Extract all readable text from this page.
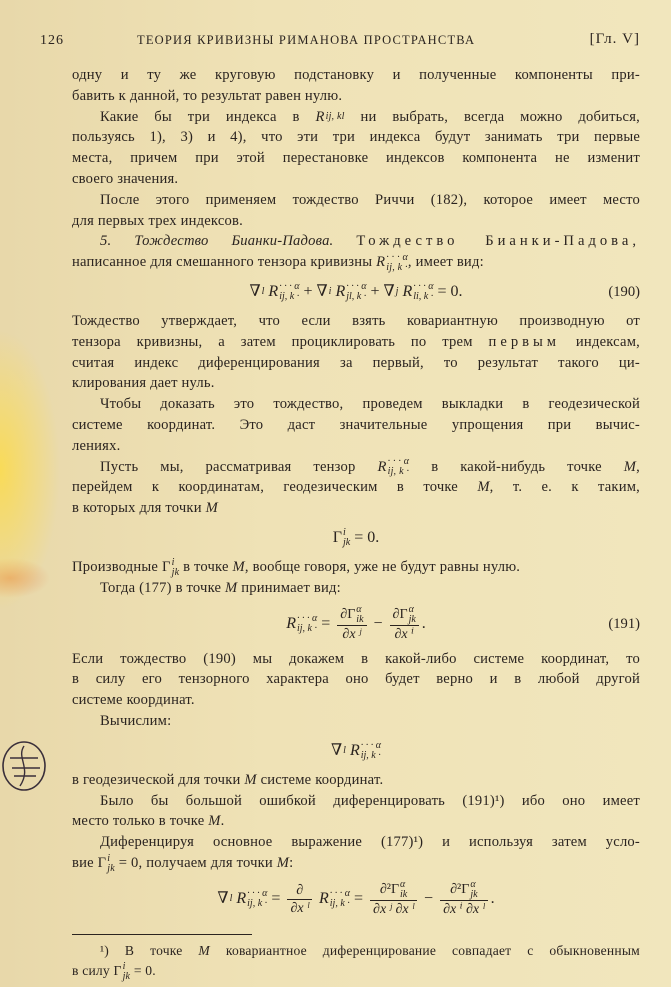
126	ТЕОРИЯ КРИВИЗНЫ РИМАНОВА ПРОСТРАНСТВА	[Гл. V]
одну и ту же круговую подстановку и полученные компоненты при-
бавить к данной, то результат равен нулю.
Какие бы три индекса в R ij, kl ни выбрать, всегда можно добиться,
пользуясь 1), 3) и 4), что эти три индекса будут занимать три первые
места, причем при этой перестановке индексов компонента не изменит
своего значения.
После этого применяем тождество Риччи (182), которое имеет место
для первых трех индексов.
5. Тождество Бианки-Падова. Тождество Бианки-Падова,
написанное для смешанного тензора кривизны R · · · α
ij, k · , имеет вид:
∇ l R · · · α
ij, k · + ∇ i R · · · α
jl, k · + ∇ j R · · · α
li, k · = 0.	(190)
Тождество утверждает, что если взять ковариантную производную от
тензора кривизны, а затем проциклировать по трем первым индексам,
считая индекс диференцирования за первый, то результат такого ци-
клирования дает нуль.
Чтобы доказать это тождество, проведем выкладки в геодезической
системе координат. Это даст значительные упрощения при вычис-
лениях.
Пусть мы, рассматривая тензор R · · · α
ij, k · в какой-нибудь точке M,
перейдем к координатам, геодезическим в точке M, т. е. к таким,
в которых для точки M
Γ i
jk = 0.
Производные Γ i
jk в точке M, вообще говоря, уже не будут равны нулю.
Тогда (177) в точке M принимает вид:
R · · · α
ij, k · = ∂Γ α
ik
∂x ʲ − ∂Γ α
jk
∂x ⁱ .	(191)
Если тождество (190) мы докажем в какой-либо системе координат, то
в силу его тензорного характера оно будет верно и в любой другой
системе координат.
Вычислим:
∇ l R · · · α
ij, k ·
в геодезической для точки M системе координат.
Было бы большой ошибкой диференцировать (191)¹) ибо оно имеет
место только в точке M.
Диференцируя основное выражение (177)¹) и используя затем усло-
вие Γ i
jk = 0, получаем для точки M:
∇ l R · · · α
ij, k · = $\frac{\partial}{\text{∂x ˡ}}$ R · · · α
ij, k · = ∂²Γ α
ik
∂x ʲ ∂x ˡ − ∂²Γ α
jk
∂x ⁱ ∂x ˡ .
¹) В точке M ковариантное диференцирование совпадает с обыкновенным
в силу Γ i
jk = 0.
